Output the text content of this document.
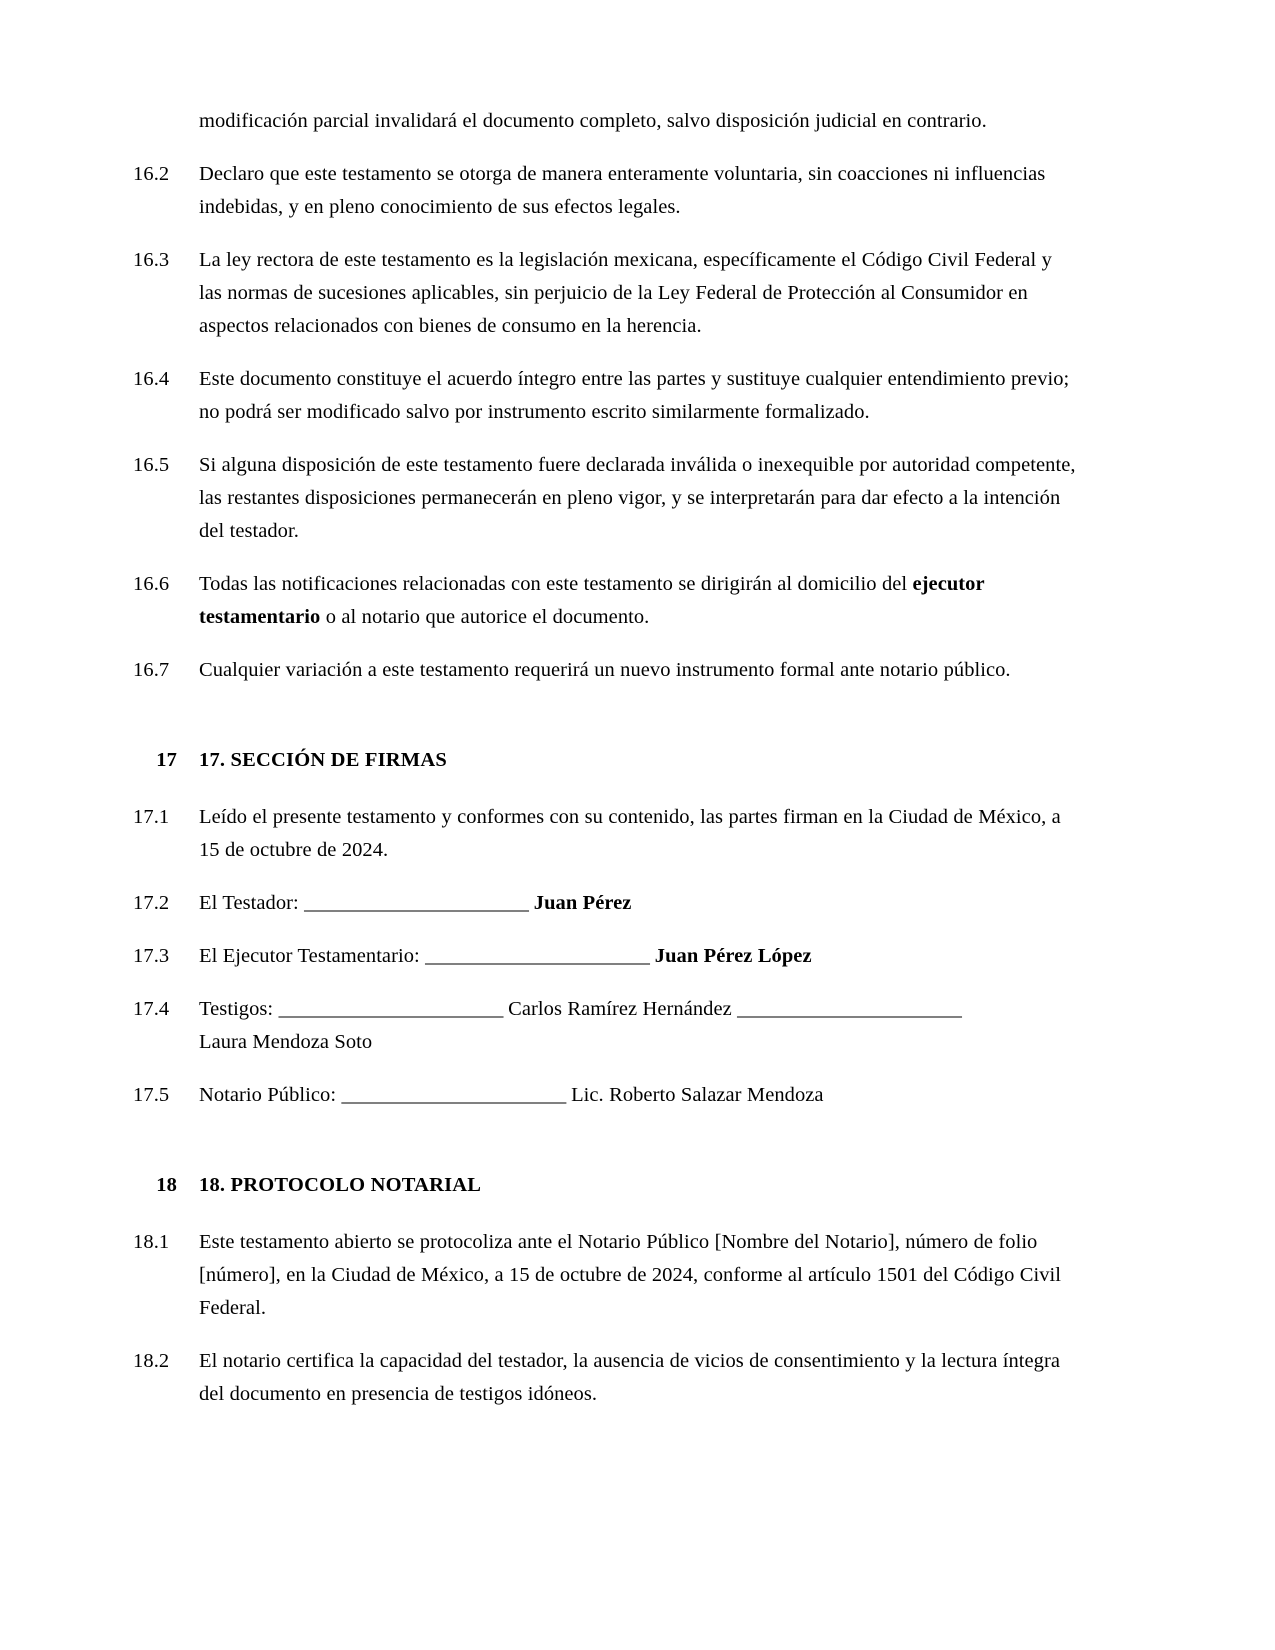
modificación parcial invalidará el documento completo, salvo disposición judicial en contrario.
16.2	Declaro que este testamento se otorga de manera enteramente voluntaria, sin coacciones ni influencias indebidas, y en pleno conocimiento de sus efectos legales.
16.3	La ley rectora de este testamento es la legislación mexicana, específicamente el Código Civil Federal y las normas de sucesiones aplicables, sin perjuicio de la Ley Federal de Protección al Consumidor en aspectos relacionados con bienes de consumo en la herencia.
16.4	Este documento constituye el acuerdo íntegro entre las partes y sustituye cualquier entendimiento previo; no podrá ser modificado salvo por instrumento escrito similarmente formalizado.
16.5	Si alguna disposición de este testamento fuere declarada inválida o inexequible por autoridad competente, las restantes disposiciones permanecerán en pleno vigor, y se interpretarán para dar efecto a la intención del testador.
16.6	Todas las notificaciones relacionadas con este testamento se dirigirán al domicilio del ejecutor testamentario o al notario que autorice el documento.
16.7	Cualquier variación a este testamento requerirá un nuevo instrumento formal ante notario público.
17	17. SECCIÓN DE FIRMAS
17.1	Leído el presente testamento y conformes con su contenido, las partes firman en la Ciudad de México, a 15 de octubre de 2024.
17.2	El Testador: _______________________ Juan Pérez
17.3	El Ejecutor Testamentario: _______________________ Juan Pérez López
17.4	Testigos: _______________________ Carlos Ramírez Hernández _______________________
Laura Mendoza Soto
17.5	Notario Público: _______________________ Lic. Roberto Salazar Mendoza
18	18. PROTOCOLO NOTARIAL
18.1	Este testamento abierto se protocoliza ante el Notario Público [Nombre del Notario], número de folio [número], en la Ciudad de México, a 15 de octubre de 2024, conforme al artículo 1501 del Código Civil Federal.
18.2	El notario certifica la capacidad del testador, la ausencia de vicios de consentimiento y la lectura íntegra del documento en presencia de testigos idóneos.
